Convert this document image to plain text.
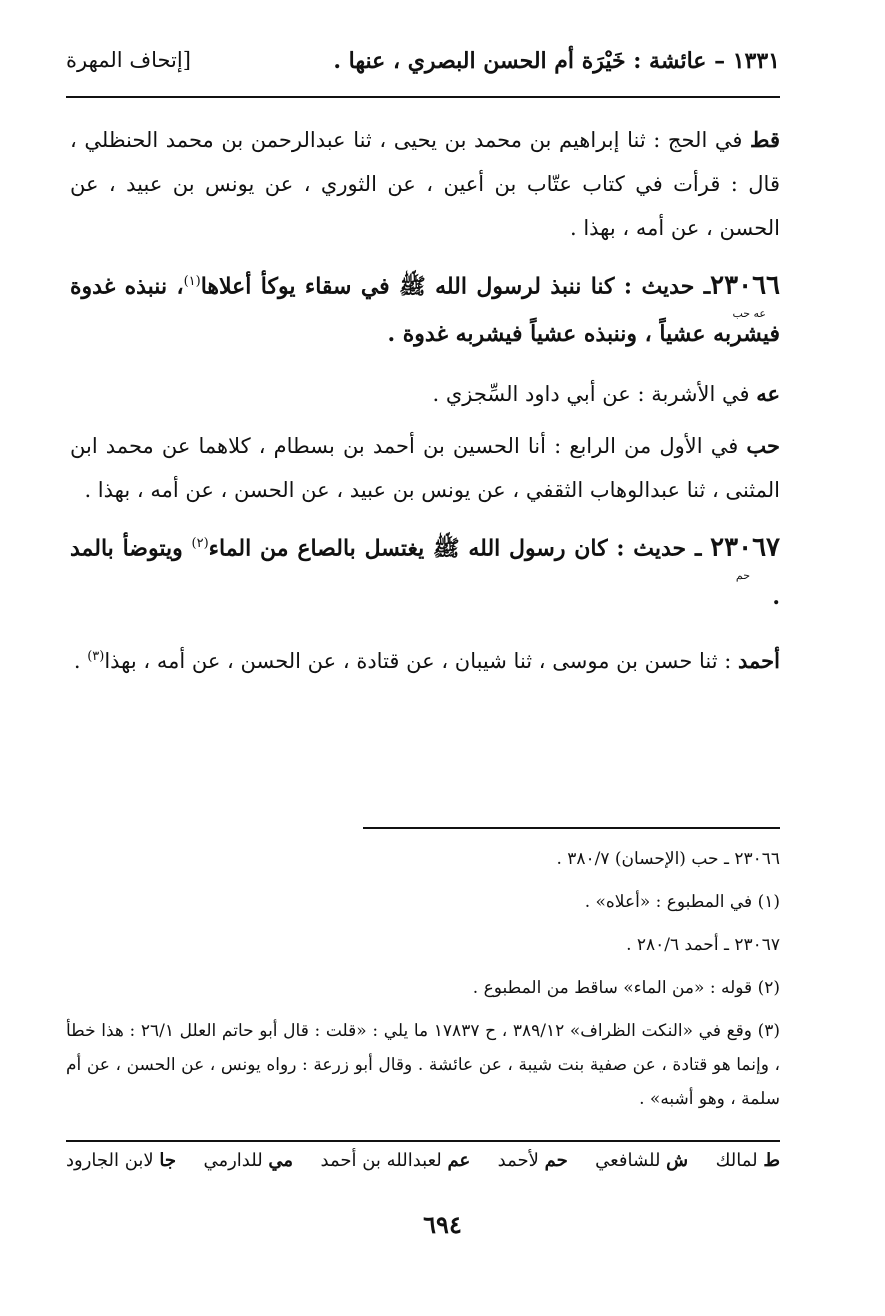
١٣٣١ – عائشة : خَيْرَة أم الحسن البصري ، عنها .
[إتحاف المهرة

قط في الحج : ثنا إبراهيم بن محمد بن يحيى ، ثنا عبدالرحمن بن محمد الحنظلي ، قال : قرأت في كتاب عتّاب بن أعين ، عن الثوري ، عن يونس بن عبيد ، عن الحسن ، عن أمه ، بهذا .

٢٣٠٦٦
عه حب
ـ حديث : كنا ننبذ لرسول الله ﷺ في سقاء يوكأ أعلاها$^{(١)}$، ننبذه غدوة فيشربه عشياً ، وننبذه عشياً فيشربه غدوة .

عه في الأشربة : عن أبي داود السِّجزي .

حب في الأول من الرابع : أنا الحسين بن أحمد بن بسطام ، كلاهما عن محمد ابن المثنى ، ثنا عبدالوهاب الثقفي ، عن يونس بن عبيد ، عن الحسن ، عن أمه ، بهذا .

٢٣٠٦٧
حم
ـ حديث : كان رسول الله ﷺ يغتسل بالصاع من الماء$^{(٢)}$ ويتوضأ بالمد .

أحمد : ثنا حسن بن موسى ، ثنا شيبان ، عن قتادة ، عن الحسن ، عن أمه ، بهذا$^{(٣)}$ .

٢٣٠٦٦ ـ حب (الإحسان) ٣٨٠/٧ .

(١) في المطبوع : «أعلاه» .

٢٣٠٦٧ ـ أحمد ٢٨٠/٦ .

(٢) قوله : «من الماء» ساقط من المطبوع .

(٣) وقع في «النكت الظراف» ٣٨٩/١٢ ، ح ١٧٨٣٧ ما يلي : «قلت : قال أبو حاتم العلل ٢٦/١ : هذا خطأ ، وإنما هو قتادة ، عن صفية بنت شيبة ، عن عائشة . وقال أبو زرعة : رواه يونس ، عن الحسن ، عن أم سلمة ، وهو أشبه» .

ط لمالك
ش للشافعي
حم لأحمد
عم لعبدالله بن أحمد
مي للدارمي
جا لابن الجارود
٦٩٤
